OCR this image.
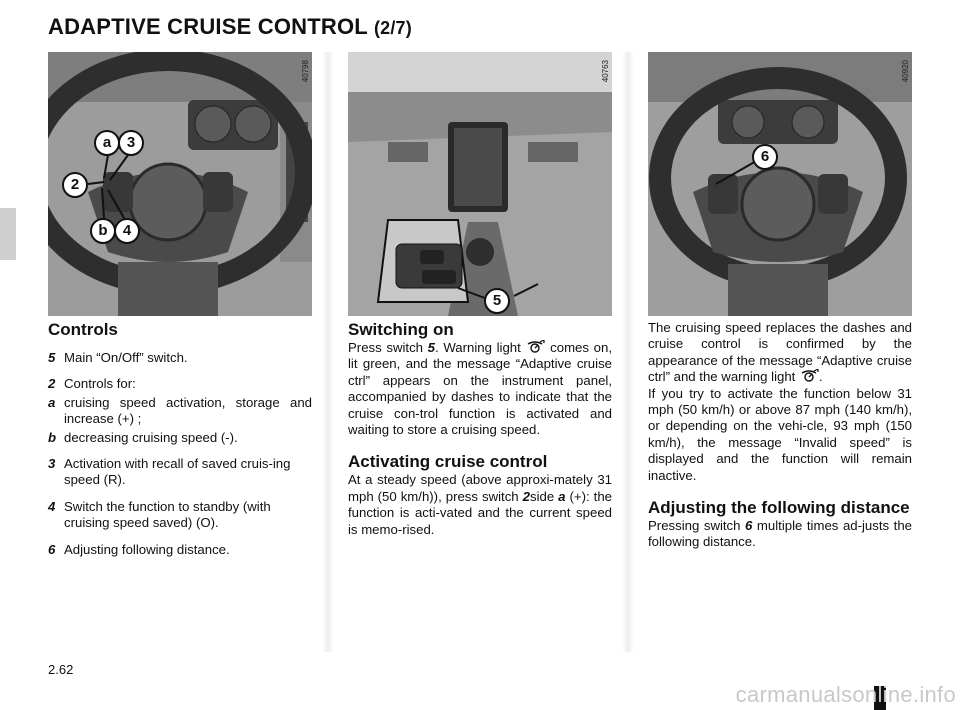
ADAPTIVE CRUISE CONTROL (2/7)
40798
a	3
2
b	4
40763
5
40920
6
Controls
5 Main “On/Off” switch.
2 Controls for:
a cruising speed activation, storage and increase (+) ;
b decreasing cruising speed (-).
3 Activation with recall of saved cruis-ing speed (R).
4 Switch the function to standby (with cruising speed saved) (O).
6 Adjusting following distance.
Switching on

Press switch 5. Warning light  comes on, lit green, and the message “Adaptive cruise ctrl” appears on the instrument panel, accompanied by dashes to indicate that the cruise con-trol function is activated and waiting to store a cruising speed.

Activating cruise control

At a steady speed (above approxi-mately 31 mph (50 km/h)), press switch 2side a (+): the function is acti-vated and the current speed is memo-rised.

The cruising speed replaces the dashes and cruise control is confirmed by the appearance of the message “Adaptive cruise ctrl” and the warning light .

If you try to activate the function below 31 mph (50 km/h) or above 87 mph (140 km/h), or depending on the vehi-cle, 93 mph (150 km/h), the message “Invalid speed” is displayed and the function will remain inactive.

Adjusting the following distance

Pressing switch 6 multiple times ad-justs the following distance.

2.62
carmanualsonline.info
